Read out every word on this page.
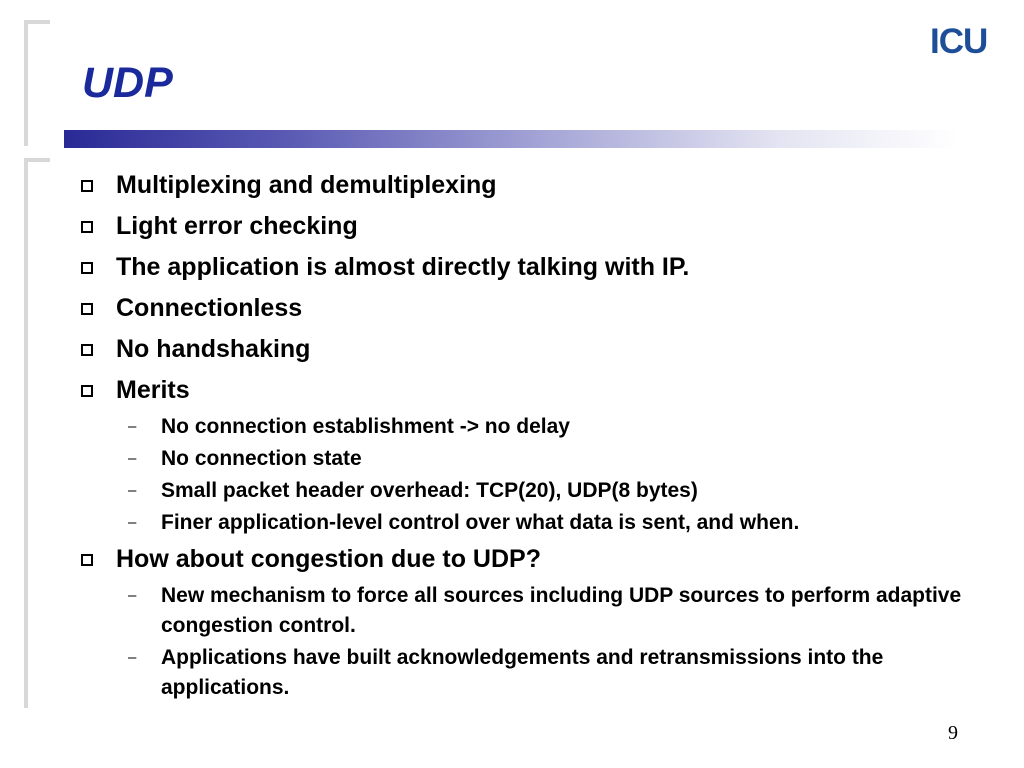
UDP
ICU
Multiplexing and demultiplexing
Light error checking
The application is almost directly talking with IP.
Connectionless
No handshaking
Merits
– No connection establishment -> no delay
– No connection state
– Small packet header overhead: TCP(20), UDP(8 bytes)
– Finer application-level control over what data is sent, and when.
How about congestion due to UDP?
– New mechanism to force all sources including UDP sources to perform adaptive congestion control.
– Applications have built acknowledgements and retransmissions into the applications.
9
